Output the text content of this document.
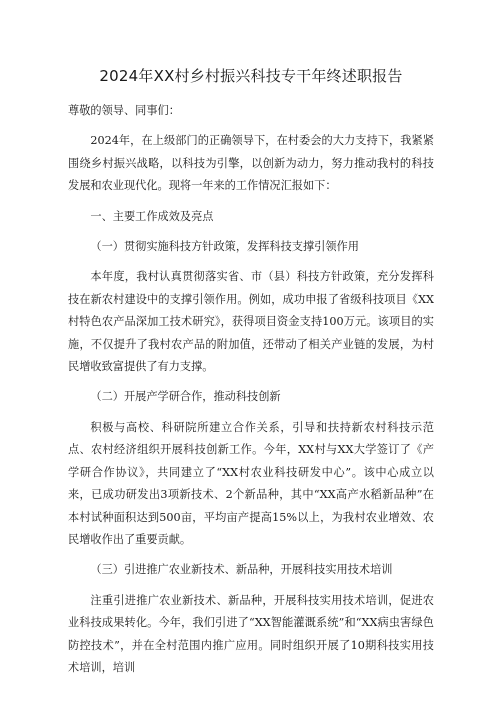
2024年XX村乡村振兴科技专干年终述职报告

尊敬的领导、同事们：

2024年，在上级部门的正确领导下，在村委会的大力支持下，我紧紧围绕乡村振兴战略，以科技为引擎，以创新为动力，努力推动我村的科技发展和农业现代化。现将一年来的工作情况汇报如下：

一、主要工作成效及亮点

（一）贯彻实施科技方针政策，发挥科技支撑引领作用

本年度，我村认真贯彻落实省、市（县）科技方针政策，充分发挥科技在新农村建设中的支撑引领作用。例如，成功申报了省级科技项目《XX村特色农产品深加工技术研究》，获得项目资金支持100万元。该项目的实施，不仅提升了我村农产品的附加值，还带动了相关产业链的发展，为村民增收致富提供了有力支撑。

（二）开展产学研合作，推动科技创新

积极与高校、科研院所建立合作关系，引导和扶持新农村科技示范点、农村经济组织开展科技创新工作。今年，XX村与XX大学签订了《产学研合作协议》，共同建立了“XX村农业科技研发中心”。该中心成立以来，已成功研发出3项新技术、2个新品种，其中“XX高产水稻新品种”在本村试种面积达到500亩，平均亩产提高15%以上，为我村农业增效、农民增收作出了重要贡献。

（三）引进推广农业新技术、新品种，开展科技实用技术培训

注重引进推广农业新技术、新品种，开展科技实用技术培训，促进农业科技成果转化。今年，我们引进了“XX智能灌溉系统”和“XX病虫害绿色防控技术”，并在全村范围内推广应用。同时组织开展了10期科技实用技术培训，培训
